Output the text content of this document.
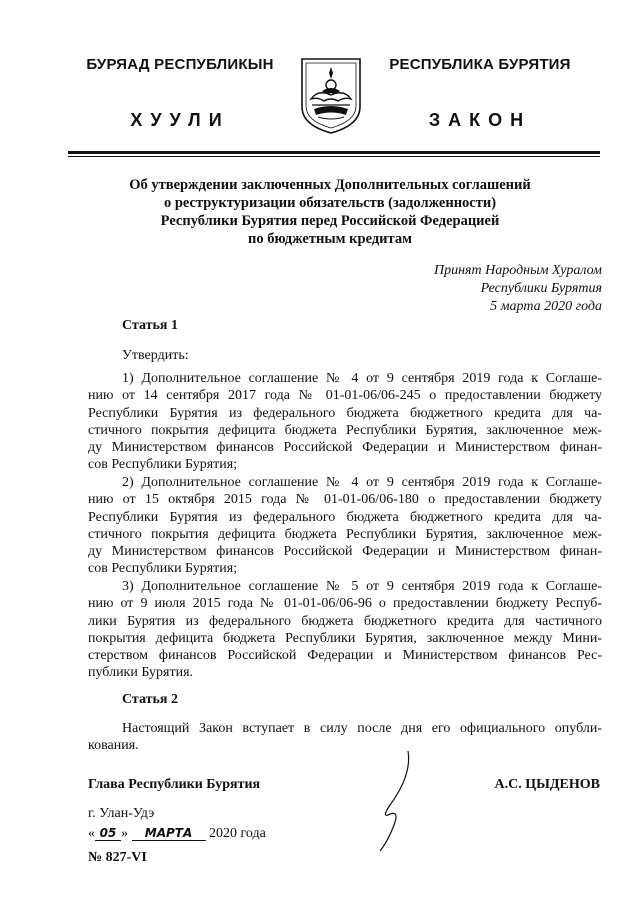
БУРЯАД РЕСПУБЛИКЫН
ХУУЛИ
РЕСПУБЛИКА БУРЯТИЯ
ЗАКОН
Об утверждении заключенных Дополнительных соглашений
о реструктуризации обязательств (задолженности)
Республики Бурятия перед Российской Федерацией
по бюджетным кредитам
Принят Народным Хуралом
Республики Бурятия
5 марта 2020 года
Статья 1
Утвердить:
1) Дополнительное соглашение № 4 от 9 сентября 2019 года к Соглаше-
нию от 14 сентября 2017 года № 01-01-06/06-245 о предоставлении бюджету
Республики Бурятия из федерального бюджета бюджетного кредита для ча-
стичного покрытия дефицита бюджета Республики Бурятия, заключенное меж-
ду Министерством финансов Российской Федерации и Министерством финан-
сов Республики Бурятия;
2) Дополнительное соглашение № 4 от 9 сентября 2019 года к Соглаше-
нию от 15 октября 2015 года № 01-01-06/06-180 о предоставлении бюджету
Республики Бурятия из федерального бюджета бюджетного кредита для ча-
стичного покрытия дефицита бюджета Республики Бурятия, заключенное меж-
ду Министерством финансов Российской Федерации и Министерством финан-
сов Республики Бурятия;
3) Дополнительное соглашение № 5 от 9 сентября 2019 года к Соглаше-
нию от 9 июля 2015 года № 01-01-06/06-96 о предоставлении бюджету Респуб-
лики Бурятия из федерального бюджета бюджетного кредита для частичного
покрытия дефицита бюджета Республики Бурятия, заключенное между Мини-
стерством финансов Российской Федерации и Министерством финансов Рес-
публики Бурятия.
Статья 2
Настоящий Закон вступает в силу после дня его официального опубли-
кования.
Глава Республики Бурятия	А.С. ЦЫДЕНОВ
г. Улан-Удэ
« 05 » МАРТА 2020 года
№ 827-VI
